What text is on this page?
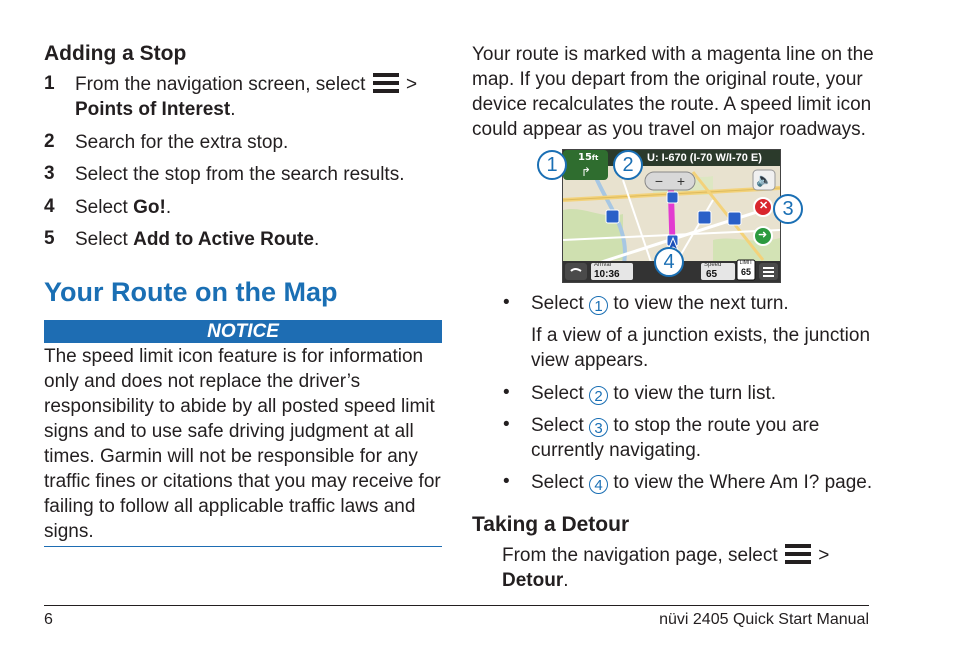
Adding a Stop
1 From the navigation screen, select >
Points of Interest.
2 Search for the extra stop.
3 Select the stop from the search results.
4 Select Go!.
5 Select Add to Active Route.
Your Route on the Map
NOTICE
The speed limit icon feature is for information
only and does not replace the driver’s
responsibility to abide by all posted speed limit
signs and to use safe driving judgment at all
times. Garmin will not be responsible for any
traffic fines or citations that you may receive for
failing to follow all applicable traffic laws and
signs.
Your route is marked with a magenta line on the
map. If you depart from the original route, your
device recalculates the route. A speed limit icon
could appear as you travel on major roadways.
15ft
↱
U: I-670 (I-70 W/I-70 E)
− +	🔈
✕
➜
Arrival
10:36
Speed
65
LIMIT
65
1	2
3
4
• Select 1 to view the next turn.
If a view of a junction exists, the junction
view appears.
• Select 2 to view the turn list.
• Select 3 to stop the route you are
currently navigating.
• Select 4 to view the Where Am I? page.
Taking a Detour
From the navigation page, select >
Detour.
6	nüvi 2405 Quick Start Manual
